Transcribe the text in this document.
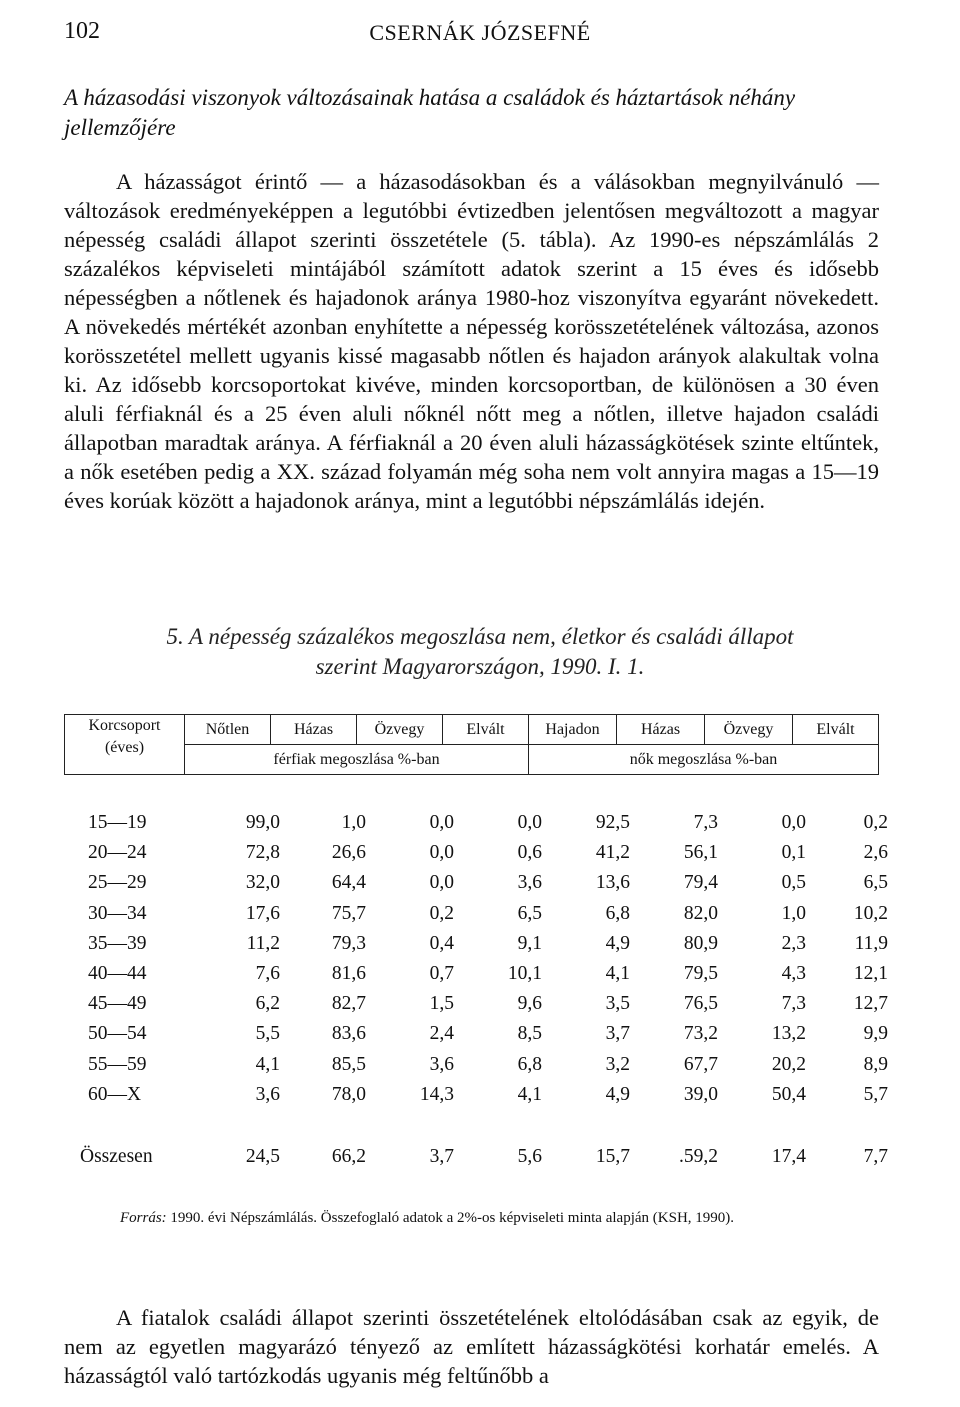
102	CSERNÁK JÓZSEFNÉ
A házasodási viszonyok változásainak hatása a családok és háztartások néhány jellemzőjére

A házasságot érintő — a házasodásokban és a válásokban megnyilvánuló — változások eredményeképpen a legutóbbi évtizedben jelentősen megváltozott a magyar népesség családi állapot szerinti összetétele (5. tábla). Az 1990-es népszámlálás 2 százalékos képviseleti mintájából számított adatok szerint a 15 éves és idősebb népességben a nőtlenek és hajadonok aránya 1980-hoz viszonyítva egyaránt növekedett. A növekedés mértékét azonban enyhítette a népesség korösszetételének változása, azonos korösszetétel mellett ugyanis kissé magasabb nőtlen és hajadon arányok alakultak volna ki. Az idősebb korcsoportokat kivéve, minden korcsoportban, de különösen a 30 éven aluli férfiaknál és a 25 éven aluli nőknél nőtt meg a nőtlen, illetve hajadon családi állapotban maradtak aránya. A férfiaknál a 20 éven aluli házasságkötések szinte eltűntek, a nők esetében pedig a XX. század folyamán még soha nem volt annyira magas a 15—19 éves korúak között a hajadonok aránya, mint a legutóbbi népszámlálás idején.

5. A népesség százalékos megoszlása nem, életkor és családi állapot
szerint Magyarországon, 1990. I. 1.
Korcsoport
(éves)	Nőtlen	Házas	Özvegy	Elvált	Hajadon	Házas	Özvegy	Elvált
	férfiak megoszlása %-ban				nők megoszlása %-ban			
15—19	99,0	1,0	0,0	0,0	92,5	7,3	0,0	0,2
20—24	72,8	26,6	0,0	0,6	41,2	56,1	0,1	2,6
25—29	32,0	64,4	0,0	3,6	13,6	79,4	0,5	6,5
30—34	17,6	75,7	0,2	6,5	6,8	82,0	1,0	10,2
35—39	11,2	79,3	0,4	9,1	4,9	80,9	2,3	11,9
40—44	7,6	81,6	0,7	10,1	4,1	79,5	4,3	12,1
45—49	6,2	82,7	1,5	9,6	3,5	76,5	7,3	12,7
50—54	5,5	83,6	2,4	8,5	3,7	73,2	13,2	9,9
55—59	4,1	85,5	3,6	6,8	3,2	67,7	20,2	8,9
60—X	3,6	78,0	14,3	4,1	4,9	39,0	50,4	5,7

Összesen	24,5	66,2	3,7	5,6	15,7	.59,2	17,4	7,7
Forrás: 1990. évi Népszámlálás. Összefoglaló adatok a 2%-os képviseleti minta alapján (KSH, 1990).

A fiatalok családi állapot szerinti összetételének eltolódásában csak az egyik, de nem az egyetlen magyarázó tényező az említett házasságkötési korhatár emelés. A házasságtól való tartózkodás ugyanis még feltűnőbb a
